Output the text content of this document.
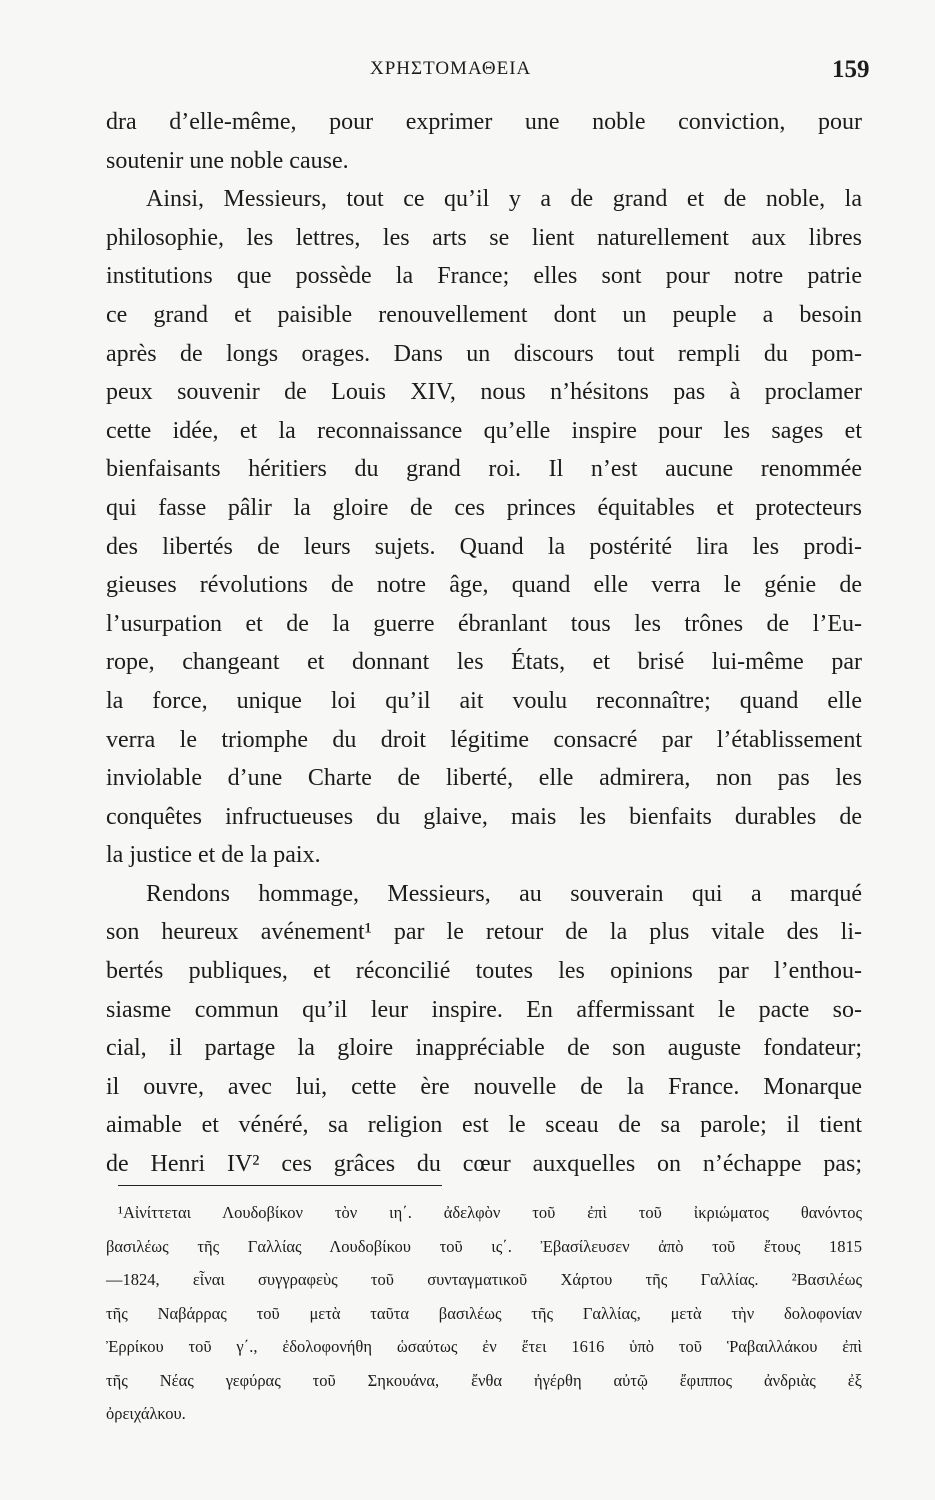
ΧΡΗΣΤΟΜΑΘΕΙΑ	159
dra d’elle-même, pour exprimer une noble conviction, pour
soutenir une noble cause.
Ainsi, Messieurs, tout ce qu’il y a de grand et de noble, la
philosophie, les lettres, les arts se lient naturellement aux libres
institutions que possède la France; elles sont pour notre patrie
ce grand et paisible renouvellement dont un peuple a besoin
après de longs orages. Dans un discours tout rempli du pom-
peux souvenir de Louis XIV, nous n’hésitons pas à proclamer
cette idée, et la reconnaissance qu’elle inspire pour les sages et
bienfaisants héritiers du grand roi. Il n’est aucune renommée
qui fasse pâlir la gloire de ces princes équitables et protecteurs
des libertés de leurs sujets. Quand la postérité lira les prodi-
gieuses révolutions de notre âge, quand elle verra le génie de
l’usurpation et de la guerre ébranlant tous les trônes de l’Eu-
rope, changeant et donnant les États, et brisé lui-même par
la force, unique loi qu’il ait voulu reconnaître; quand elle
verra le triomphe du droit légitime consacré par l’établissement
inviolable d’une Charte de liberté, elle admirera, non pas les
conquêtes infructueuses du glaive, mais les bienfaits durables de
la justice et de la paix.
Rendons hommage, Messieurs, au souverain qui a marqué
son heureux avénement¹ par le retour de la plus vitale des li-
bertés publiques, et réconcilié toutes les opinions par l’enthou-
siasme commun qu’il leur inspire. En affermissant le pacte so-
cial, il partage la gloire inappréciable de son auguste fondateur;
il ouvre, avec lui, cette ère nouvelle de la France. Monarque
aimable et vénéré, sa religion est le sceau de sa parole; il tient
de Henri IV² ces grâces du cœur auxquelles on n’échappe pas;
¹Αἰνίττεται Λουδοβίκον τὸν ιη΄. ἀδελφὸν τοῦ ἐπὶ τοῦ ἰκριώματος θανόντος
βασιλέως τῆς Γαλλίας Λουδοβίκου τοῦ ις΄. Ἐβασίλευσεν ἀπὸ τοῦ ἔτους 1815
—1824, εἶναι συγγραφεὺς τοῦ συνταγματικοῦ Χάρτου τῆς Γαλλίας. ²Βασιλέως
τῆς Ναβάρρας τοῦ μετὰ ταῦτα βασιλέως τῆς Γαλλίας, μετὰ τὴν δολοφονίαν
Ἐρρίκου τοῦ γ΄., ἐδολοφονήθη ὡσαύτως ἐν ἔτει 1616 ὑπὸ τοῦ Ῥαβαιλλάκου ἐπὶ
τῆς Νέας γεφύρας τοῦ Σηκουάνα, ἔνθα ἠγέρθη αὐτῷ ἔφιππος ἀνδριὰς ἐξ
ὀρειχάλκου.
